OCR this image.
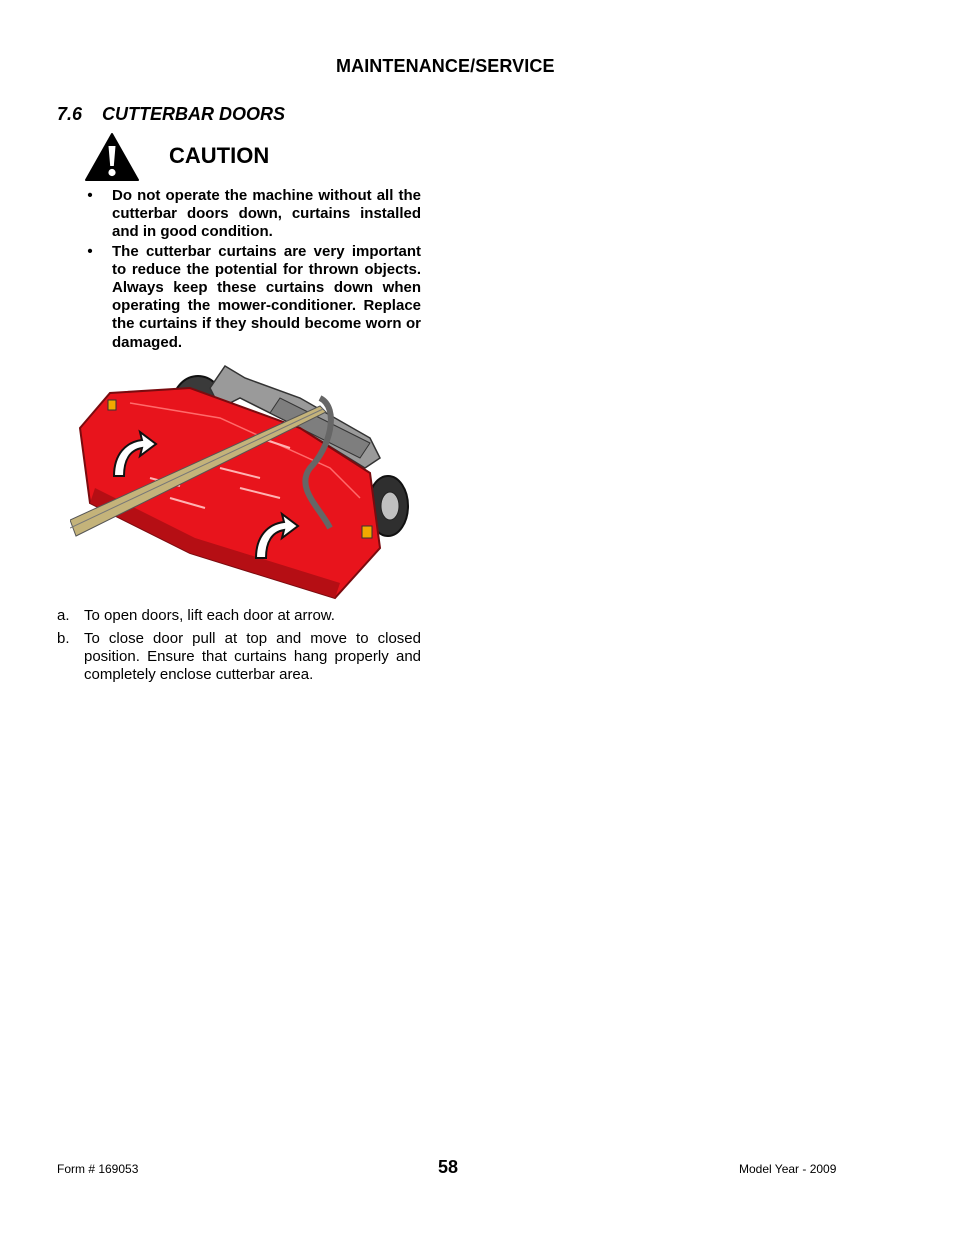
MAINTENANCE/SERVICE
7.6 CUTTERBAR DOORS
CAUTION
• Do not operate the machine without all the cutterbar doors down, curtains installed and in good condition.
• The cutterbar curtains are very important to reduce the potential for thrown objects. Always keep these curtains down when operating the mower-conditioner. Replace the curtains if they should become worn or damaged.
a. To open doors, lift each door at arrow.
b. To close door pull at top and move to closed position. Ensure that curtains hang properly and completely enclose cutterbar area.
Form # 169053	58	Model Year - 2009
